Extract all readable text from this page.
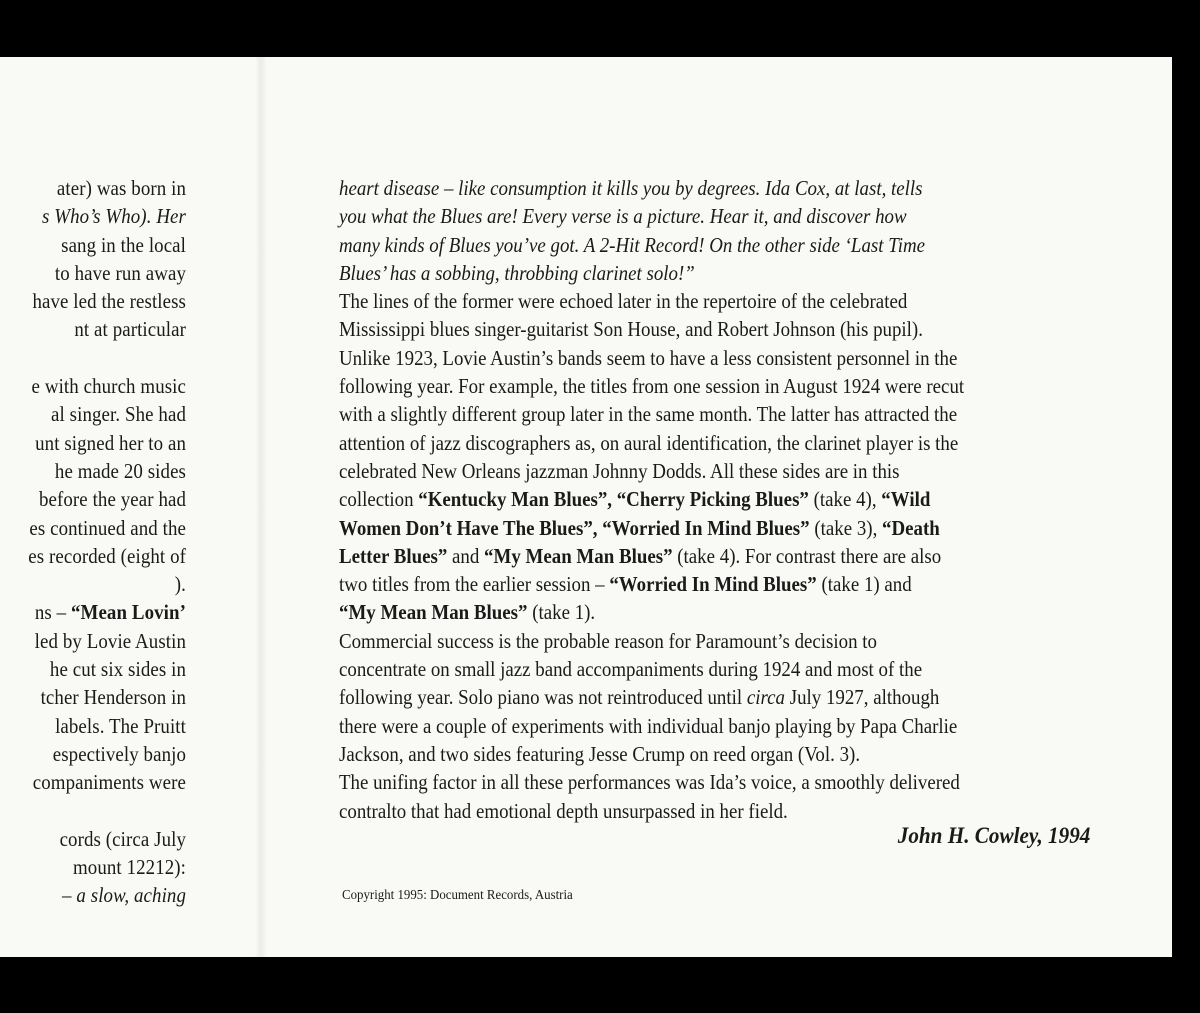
ater) was born in
s Who’s Who). Her
sang in the local
to have run away
have led the restless
nt at particular
e with church music
al singer. She had
unt signed her to an
he made 20 sides
before the year had
es continued and the
es recorded (eight of
).
ns – “Mean Lovin’
led by Lovie Austin
he cut six sides in
tcher Henderson in
labels. The Pruitt
espectively banjo
companiments were
cords (circa July
mount 12212):
– a slow, aching
heart disease – like consumption it kills you by degrees. Ida Cox, at last, tells
you what the Blues are! Every verse is a picture. Hear it, and discover how
many kinds of Blues you’ve got. A 2-Hit Record! On the other side ‘Last Time
Blues’ has a sobbing, throbbing clarinet solo!”
The lines of the former were echoed later in the repertoire of the celebrated
Mississippi blues singer-guitarist Son House, and Robert Johnson (his pupil).
Unlike 1923, Lovie Austin’s bands seem to have a less consistent personnel in the
following year. For example, the titles from one session in August 1924 were recut
with a slightly different group later in the same month. The latter has attracted the
attention of jazz discographers as, on aural identification, the clarinet player is the
celebrated New Orleans jazzman Johnny Dodds. All these sides are in this
collection “Kentucky Man Blues”, “Cherry Picking Blues” (take 4), “Wild
Women Don’t Have The Blues”, “Worried In Mind Blues” (take 3), “Death
Letter Blues” and “My Mean Man Blues” (take 4). For contrast there are also
two titles from the earlier session – “Worried In Mind Blues” (take 1) and
“My Mean Man Blues” (take 1).
Commercial success is the probable reason for Paramount’s decision to
concentrate on small jazz band accompaniments during 1924 and most of the
following year. Solo piano was not reintroduced until circa July 1927, although
there were a couple of experiments with individual banjo playing by Papa Charlie
Jackson, and two sides featuring Jesse Crump on reed organ (Vol. 3).
The unifing factor in all these performances was Ida’s voice, a smoothly delivered
contralto that had emotional depth unsurpassed in her field.
John H. Cowley, 1994
Copyright 1995: Document Records, Austria
